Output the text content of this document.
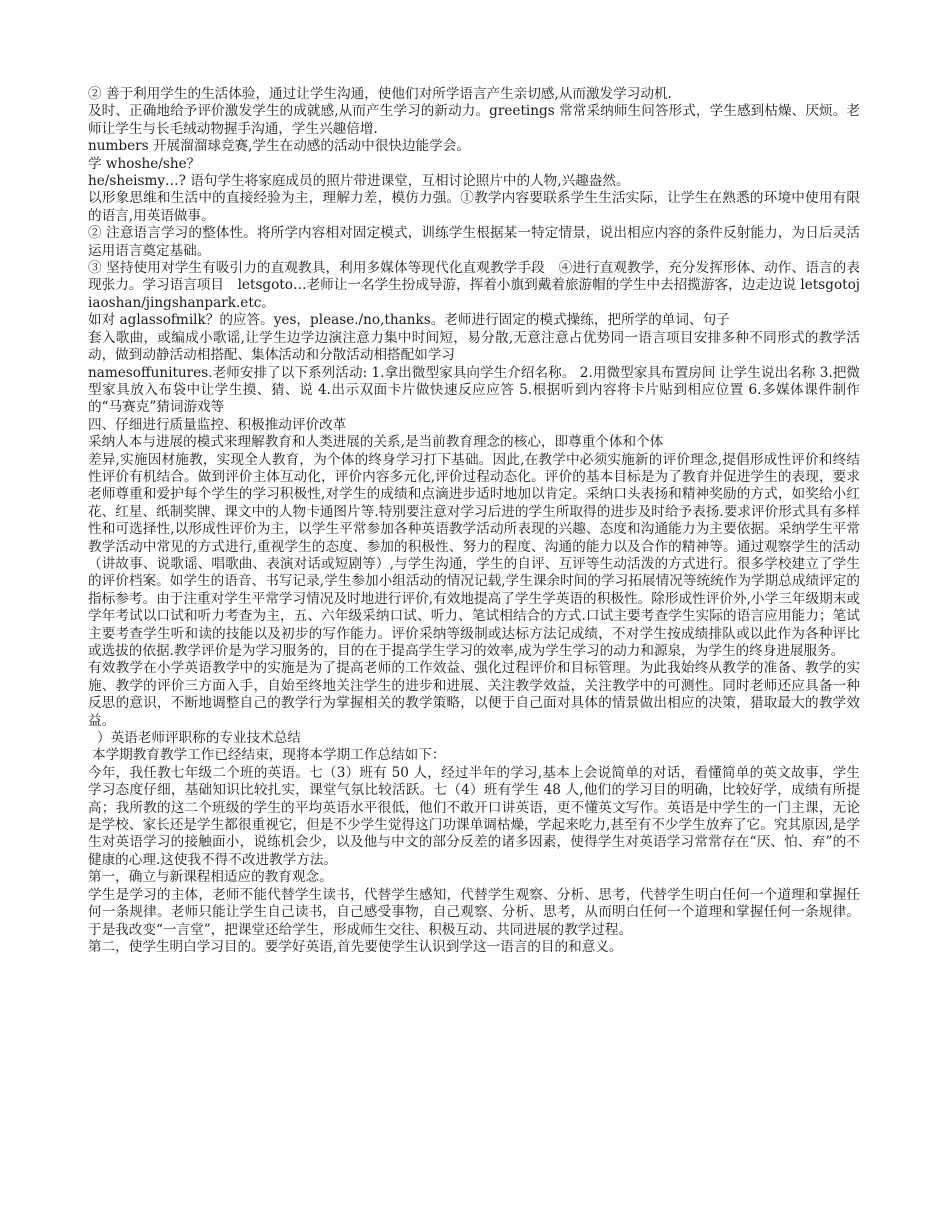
② 善于利用学生的生活体验，通过让学生沟通，使他们对所学语言产生亲切感,从而激发学习动机.

及时、正确地给予评价激发学生的成就感,从而产生学习的新动力。greetings 常常采纳师生问答形式，学生感到枯燥、厌烦。老师让学生与长毛绒动物握手沟通，学生兴趣倍增.

numbers 开展溜溜球竞赛,学生在动感的活动中很快边能学会。

学 whoshe/she？

he/sheismy…? 语句学生将家庭成员的照片带进课堂，互相讨论照片中的人物,兴趣盎然。

以形象思维和生活中的直接经验为主，理解力差，模仿力强。①教学内容要联系学生生活实际，让学生在熟悉的环境中使用有限的语言,用英语做事。

② 注意语言学习的整体性。将所学内容相对固定模式，训练学生根据某一特定情景，说出相应内容的条件反射能力，为日后灵活运用语言奠定基础。

③ 坚持使用对学生有吸引力的直观教具，利用多媒体等现代化直观教学手段　④进行直观教学，充分发挥形体、动作、语言的表现张力。学习语言项目　letsgoto…老师让一名学生扮成导游，挥着小旗到戴着旅游帽的学生中去招揽游客，边走边说 letsgotojiaoshan/jingshanpark.etc。

如对 aglassofmilk？的应答。yes，please./no,thanks。老师进行固定的模式操练，把所学的单词、句子

套入歌曲，或编成小歌谣,让学生边学边演注意力集中时间短，易分散,无意注意占优势同一语言项目安排多种不同形式的教学活动，做到动静活动相搭配、集体活动和分散活动相搭配如学习

namesoffunitures.老师安排了以下系列活动: 1.拿出微型家具向学生介绍名称。 2.用微型家具布置房间 让学生说出名称 3.把微型家具放入布袋中让学生摸、猜、说 4.出示双面卡片做快速反应应答 5.根据听到内容将卡片贴到相应位置 6.多媒体课件制作的“马赛克”猜词游戏等

四、仔细进行质量监控、积极推动评价改革

采纳人本与进展的模式来理解教育和人类进展的关系,是当前教育理念的核心，即尊重个体和个体

差异,实施因材施教，实现全人教育，为个体的终身学习打下基础。因此,在教学中必须实施新的评价理念,提倡形成性评价和终结性评价有机结合。做到评价主体互动化，评价内容多元化,评价过程动态化。评价的基本目标是为了教育并促进学生的表现，要求老师尊重和爱护每个学生的学习积极性,对学生的成绩和点滴进步适时地加以肯定。采纳口头表扬和精神奖励的方式，如奖给小红花、红星、纸制奖牌、课文中的人物卡通图片等.特别要注意对学习后进的学生所取得的进步及时给予表扬.要求评价形式具有多样性和可选择性,以形成性评价为主，以学生平常参加各种英语教学活动所表现的兴趣、态度和沟通能力为主要依据。采纳学生平常教学活动中常见的方式进行,重视学生的态度、参加的积极性、努力的程度、沟通的能力以及合作的精神等。通过观察学生的活动（讲故事、说歌谣、唱歌曲、表演对话或短剧等）,与学生沟通，学生的自评、互评等生动活泼的方式进行。很多学校建立了学生的评价档案。如学生的语音、书写记录,学生参加小组活动的情况记载,学生课余时间的学习拓展情况等统统作为学期总成绩评定的指标参考。由于注重对学生平常学习情况及时地进行评价,有效地提高了学生学英语的积极性。除形成性评价外,小学三年级期末或学年考试以口试和听力考查为主，五、六年级采纳口试、听力、笔试相结合的方式.口试主要考查学生实际的语言应用能力；笔试主要考查学生听和读的技能以及初步的写作能力。评价采纳等级制或达标方法记成绩，不对学生按成绩排队或以此作为各种评比或选拔的依据.教学评价是为学习服务的，目的在于提高学生学习的效率,成为学生学习的动力和源泉，为学生的终身进展服务。

有效教学在小学英语教学中的实施是为了提高老师的工作效益、强化过程评价和目标管理。为此我始终从教学的准备、教学的实施、教学的评价三方面入手，自始至终地关注学生的进步和进展、关注教学效益，关注教学中的可测性。同时老师还应具备一种反思的意识，不断地调整自己的教学行为掌握相关的教学策略，以便于自己面对具体的情景做出相应的决策，猎取最大的教学效益。

）英语老师评职称的专业技术总结

本学期教育教学工作已经结束，现将本学期工作总结如下：

今年，我任教七年级二个班的英语。七（3）班有 50 人，经过半年的学习,基本上会说简单的对话，看懂简单的英文故事，学生学习态度仔细，基础知识比较扎实，课堂气氛比较活跃。七（4）班有学生 48 人,他们的学习目的明确，比较好学，成绩有所提高；我所教的这二个班级的学生的平均英语水平很低，他们不敢开口讲英语，更不懂英文写作。英语是中学生的一门主课，无论是学校、家长还是学生都很重视它，但是不少学生觉得这门功课单调枯燥，学起来吃力,甚至有不少学生放弃了它。究其原因,是学生对英语学习的接触面小，说练机会少，以及他与中文的部分反差的诸多因素，使得学生对英语学习常常存在“厌、怕、弃”的不健康的心理.这使我不得不改进教学方法。

第一，确立与新课程相适应的教育观念。

学生是学习的主体，老师不能代替学生读书，代替学生感知，代替学生观察、分析、思考，代替学生明白任何一个道理和掌握任何一条规律。老师只能让学生自己读书，自己感受事物，自己观察、分析、思考，从而明白任何一个道理和掌握任何一条规律。于是我改变“一言堂”，把课堂还给学生，形成师生交往、积极互动、共同进展的教学过程。

第二，使学生明白学习目的。要学好英语,首先要使学生认识到学这一语言的目的和意义。
